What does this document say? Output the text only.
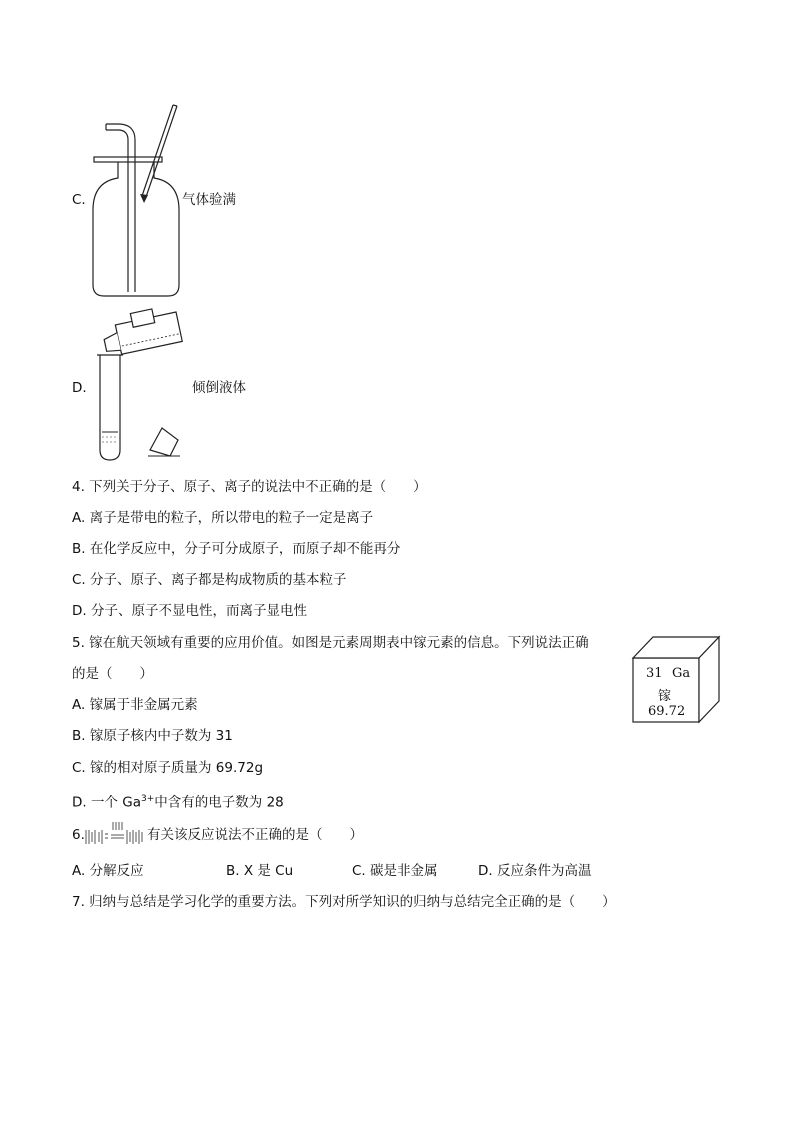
C.	气体验满
D.	倾倒液体
4. 下列关于分子、原子、离子的说法中不正确的是（　　）
A. 离子是带电的粒子，所以带电的粒子一定是离子
B. 在化学反应中，分子可分成原子，而原子却不能再分
C. 分子、原子、离子都是构成物质的基本粒子
D. 分子、原子不显电性，而离子显电性
5. 镓在航天领域有重要的应用价值。如图是元素周期表中镓元素的信息。下列说法正确
的是（　　）
A. 镓属于非金属元素
B. 镓原子核内中子数为 31
C. 镓的相对原子质量为 69.72g
D. 一个 $Ga^{3+}$中含有的电子数为 28
31 Ga
镓
69.72
6.	有关该反应说法不正确的是（　　）
A. 分解反应	B. X 是 Cu	C. 碳是非金属	D. 反应条件为高温
7. 归纳与总结是学习化学的重要方法。下列对所学知识的归纳与总结完全正确的是（　　）
